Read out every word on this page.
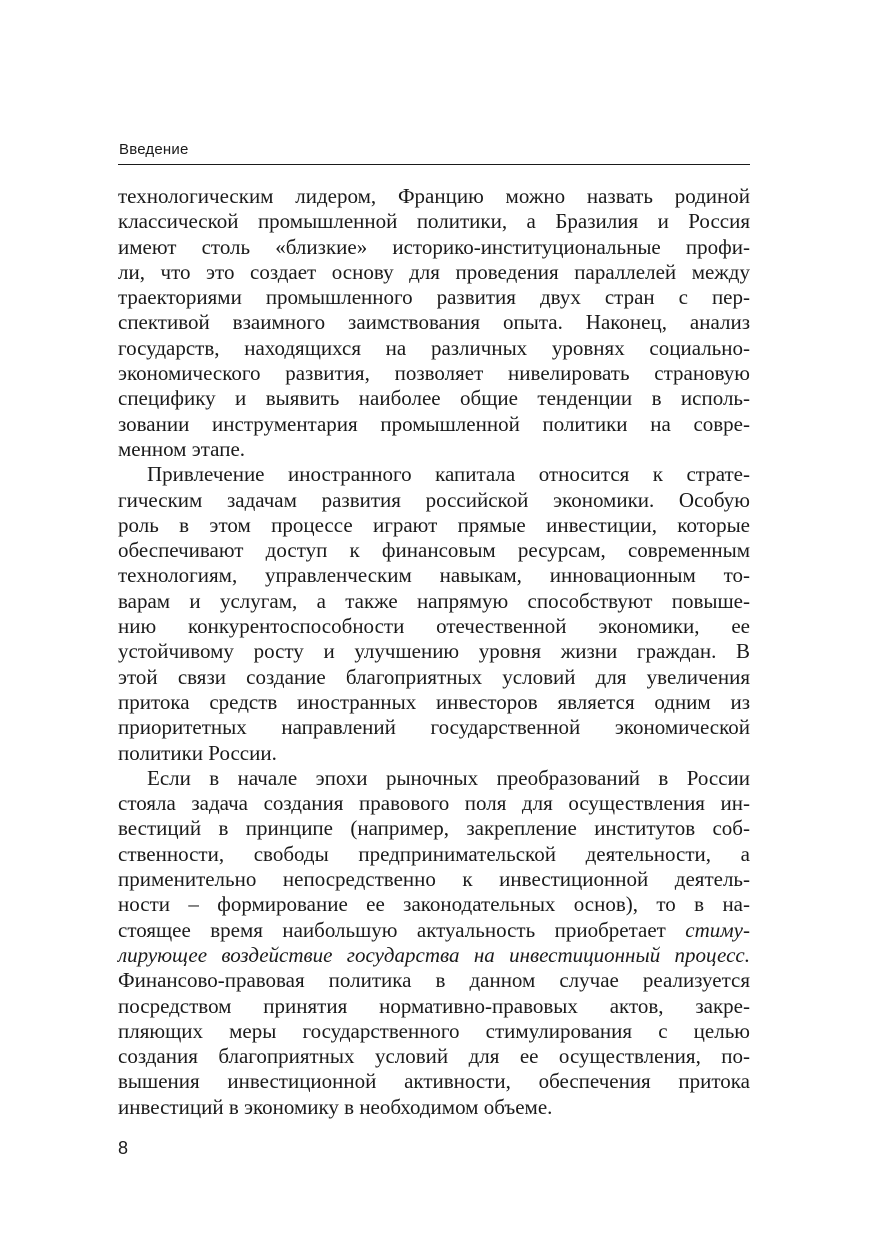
Введение
технологическим лидером, Францию можно назвать родиной
классической промышленной политики, а Бразилия и Россия
имеют столь «близкие» историко-институциональные профи-
ли, что это создает основу для проведения параллелей между
траекториями промышленного развития двух стран с пер-
спективой взаимного заимствования опыта. Наконец, анализ
государств, находящихся на различных уровнях социально-
экономического развития, позволяет нивелировать страновую
специфику и выявить наиболее общие тенденции в исполь-
зовании инструментария промышленной политики на совре-
менном этапе.
Привлечение иностранного капитала относится к страте-
гическим задачам развития российской экономики. Особую
роль в этом процессе играют прямые инвестиции, которые
обеспечивают доступ к финансовым ресурсам, современным
технологиям, управленческим навыкам, инновационным то-
варам и услугам, а также напрямую способствуют повыше-
нию конкурентоспособности отечественной экономики, ее
устойчивому росту и улучшению уровня жизни граждан. В
этой связи создание благоприятных условий для увеличения
притока средств иностранных инвесторов является одним из
приоритетных направлений государственной экономической
политики России.
Если в начале эпохи рыночных преобразований в России
стояла задача создания правового поля для осуществления ин-
вестиций в принципе (например, закрепление институтов соб-
ственности, свободы предпринимательской деятельности, а
применительно непосредственно к инвестиционной деятель-
ности – формирование ее законодательных основ), то в на-
стоящее время наибольшую актуальность приобретает стиму-
лирующее воздействие государства на инвестиционный процесс.
Финансово-правовая политика в данном случае реализуется
посредством принятия нормативно-правовых актов, закре-
пляющих меры государственного стимулирования с целью
создания благоприятных условий для ее осуществления, по-
вышения инвестиционной активности, обеспечения притока
инвестиций в экономику в необходимом объеме.
8
